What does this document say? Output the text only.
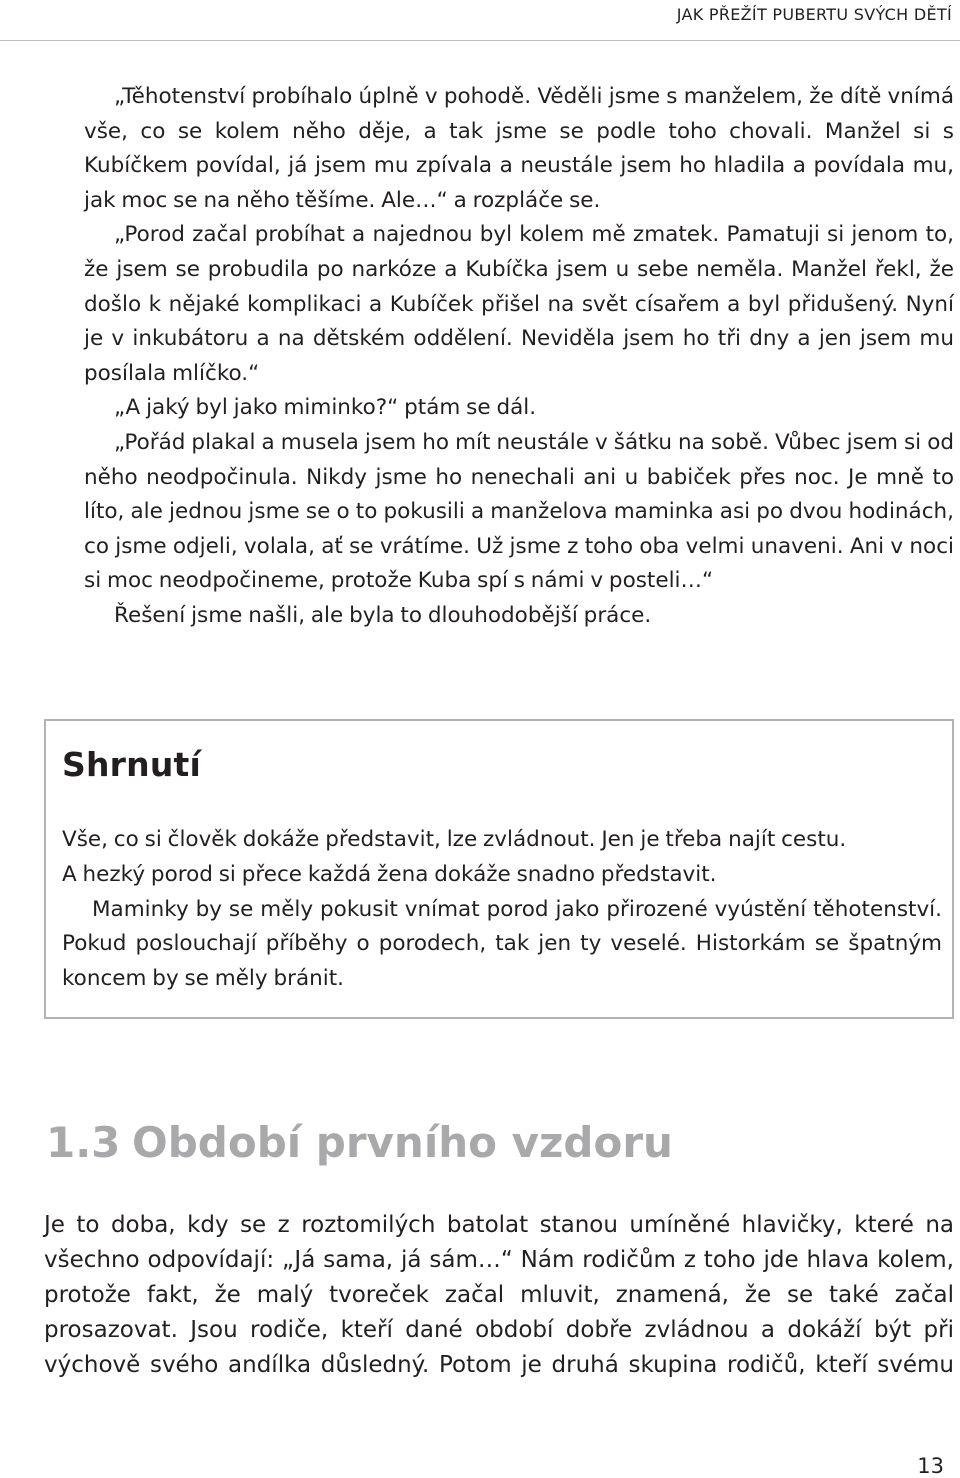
JAK PŘEŽÍT PUBERTU SVÝCH DĚTÍ

„Těhotenství probíhalo úplně v pohodě. Věděli jsme s manželem, že dítě vnímá vše, co se kolem něho děje, a tak jsme se podle toho chovali. Manžel si s Kubíčkem povídal, já jsem mu zpívala a neustále jsem ho hladila a povídala mu, jak moc se na něho těšíme. Ale…“ a rozpláče se.

„Porod začal probíhat a najednou byl kolem mě zmatek. Pamatuji si jenom to, že jsem se probudila po narkóze a Kubíčka jsem u sebe neměla. Manžel řekl, že došlo k nějaké komplikaci a Kubíček přišel na svět císařem a byl přidušený. Nyní je v inkubátoru a na dětském oddělení. Neviděla jsem ho tři dny a jen jsem mu posílala mlíčko.“

„A jaký byl jako miminko?“ ptám se dál.

„Pořád plakal a musela jsem ho mít neustále v šátku na sobě. Vůbec jsem si od něho neodpočinula. Nikdy jsme ho nenechali ani u babiček přes noc. Je mně to líto, ale jednou jsme se o to pokusili a manželova maminka asi po dvou hodinách, co jsme odjeli, volala, ať se vrátíme. Už jsme z toho oba velmi unaveni. Ani v noci si moc neodpočineme, protože Kuba spí s námi v posteli…“

Řešení jsme našli, ale byla to dlouhodobější práce.

Shrnutí

Vše, co si člověk dokáže představit, lze zvládnout. Jen je třeba najít cestu.

A hezký porod si přece každá žena dokáže snadno představit.

Maminky by se měly pokusit vnímat porod jako přirozené vyústění těhotenství. Pokud poslouchají příběhy o porodech, tak jen ty veselé. Historkám se špatným koncem by se měly bránit.

1.3 Období prvního vzdoru

Je to doba, kdy se z roztomilých batolat stanou umíněné hlavičky, které na všechno odpovídají: „Já sama, já sám…“ Nám rodičům z toho jde hlava kolem, protože fakt, že malý tvoreček začal mluvit, znamená, že se také začal prosazovat. Jsou rodiče, kteří dané období dobře zvládnou a dokáží být při výchově svého andílka důsledný. Potom je druhá skupina rodičů, kteří svému

13
